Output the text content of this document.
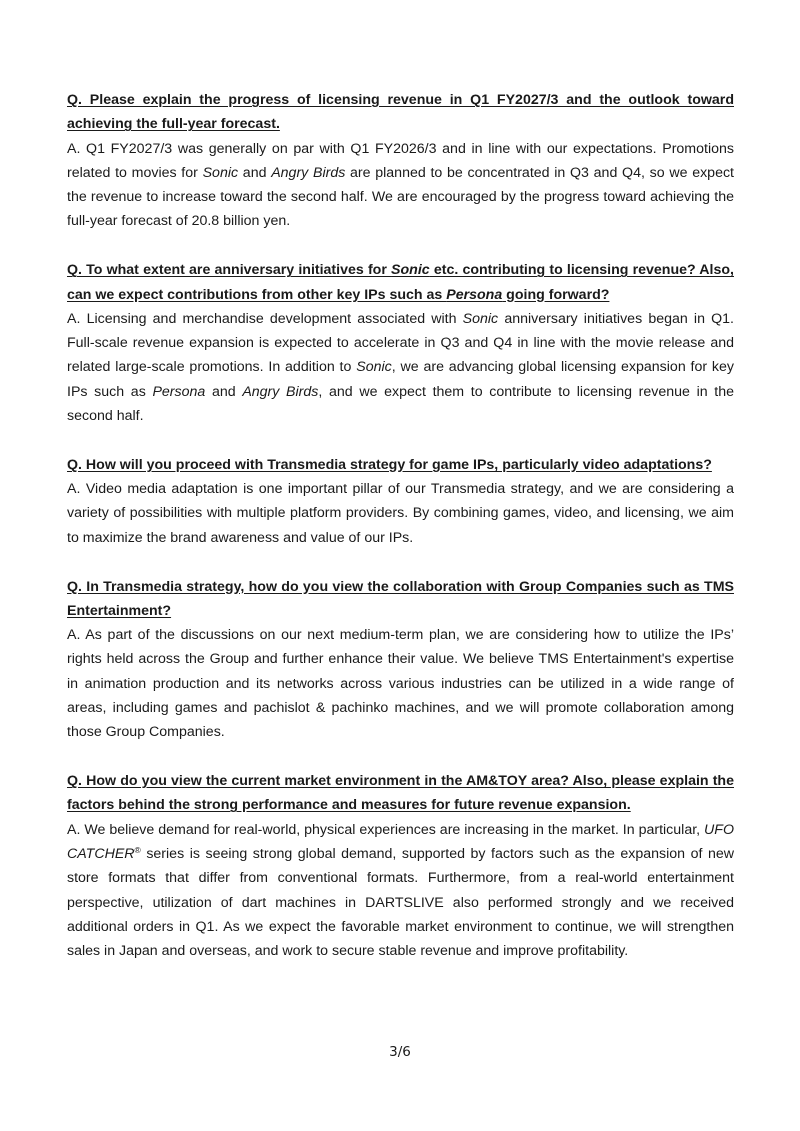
Q. Please explain the progress of licensing revenue in Q1 FY2027/3 and the outlook toward achieving the full-year forecast.

A. Q1 FY2027/3 was generally on par with Q1 FY2026/3 and in line with our expectations. Promotions related to movies for Sonic and Angry Birds are planned to be concentrated in Q3 and Q4, so we expect the revenue to increase toward the second half. We are encouraged by the progress toward achieving the full-year forecast of 20.8 billion yen.

Q. To what extent are anniversary initiatives for Sonic etc. contributing to licensing revenue? Also, can we expect contributions from other key IPs such as Persona going forward?

A. Licensing and merchandise development associated with Sonic anniversary initiatives began in Q1. Full-scale revenue expansion is expected to accelerate in Q3 and Q4 in line with the movie release and related large-scale promotions. In addition to Sonic, we are advancing global licensing expansion for key IPs such as Persona and Angry Birds, and we expect them to contribute to licensing revenue in the second half.

Q. How will you proceed with Transmedia strategy for game IPs, particularly video adaptations?

A. Video media adaptation is one important pillar of our Transmedia strategy, and we are considering a variety of possibilities with multiple platform providers. By combining games, video, and licensing, we aim to maximize the brand awareness and value of our IPs.

Q. In Transmedia strategy, how do you view the collaboration with Group Companies such as TMS Entertainment?

A. As part of the discussions on our next medium-term plan, we are considering how to utilize the IPs’ rights held across the Group and further enhance their value. We believe TMS Entertainment's expertise in animation production and its networks across various industries can be utilized in a wide range of areas, including games and pachislot & pachinko machines, and we will promote collaboration among those Group Companies.

Q. How do you view the current market environment in the AM&TOY area? Also, please explain the factors behind the strong performance and measures for future revenue expansion.

A. We believe demand for real-world, physical experiences are increasing in the market. In particular, UFO CATCHER® series is seeing strong global demand, supported by factors such as the expansion of new store formats that differ from conventional formats. Furthermore, from a real-world entertainment perspective, utilization of dart machines in DARTSLIVE also performed strongly and we received additional orders in Q1. As we expect the favorable market environment to continue, we will strengthen sales in Japan and overseas, and work to secure stable revenue and improve profitability.

3/6
